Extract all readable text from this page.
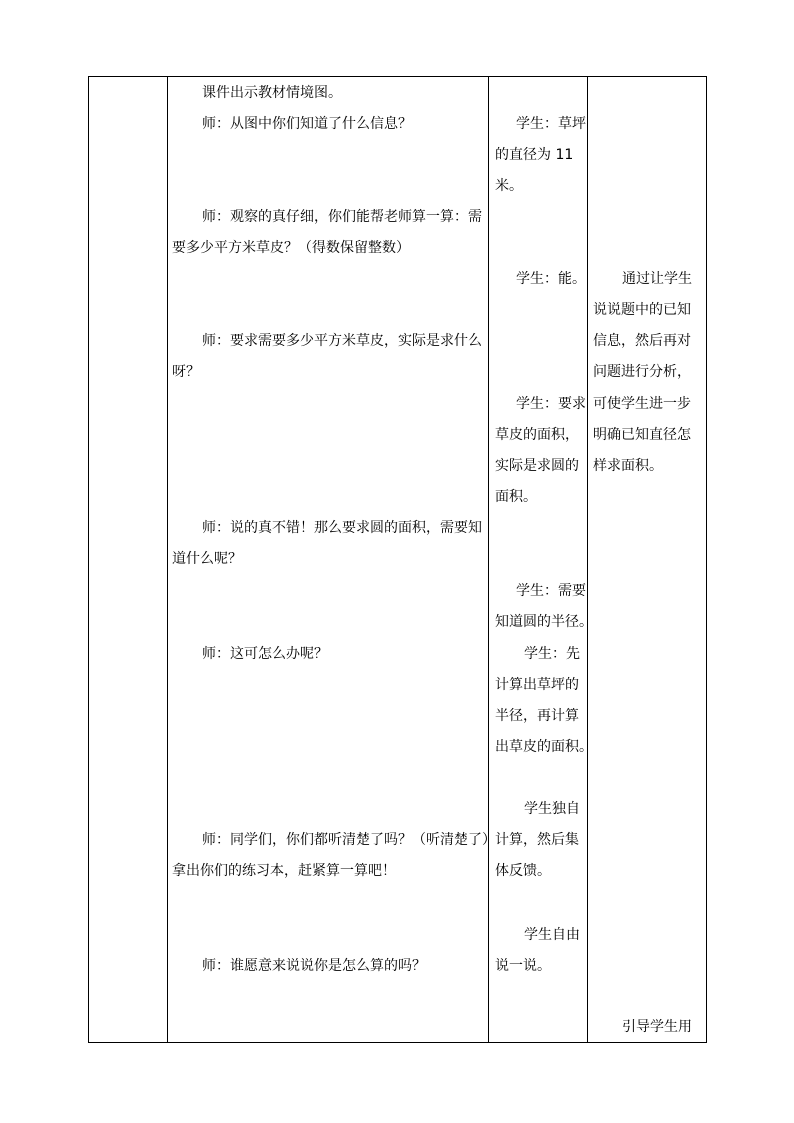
课件出示教材情境图。
师：从图中你们知道了什么信息？
师：观察的真仔细，你们能帮老师算一算：需
要多少平方米草皮？（得数保留整数）
师：要求需要多少平方米草皮，实际是求什么
呀？
师：说的真不错！那么要求圆的面积，需要知
道什么呢？
师：这可怎么办呢？
师：同学们，你们都听清楚了吗？（听清楚了）
拿出你们的练习本，赶紧算一算吧！
师：谁愿意来说说你是怎么算的吗？
学生：草坪
的直径为 11
米。
学生：能。
学生：要求
草皮的面积，
实际是求圆的
面积。
学生：需要
知道圆的半径。
学生：先
计算出草坪的
半径，再计算
出草皮的面积。
学生独自
计算，然后集
体反馈。
学生自由
说一说。
通过让学生
说说题中的已知
信息，然后再对
问题进行分析，
可使学生进一步
明确已知直径怎
样求面积。
引导学生用
